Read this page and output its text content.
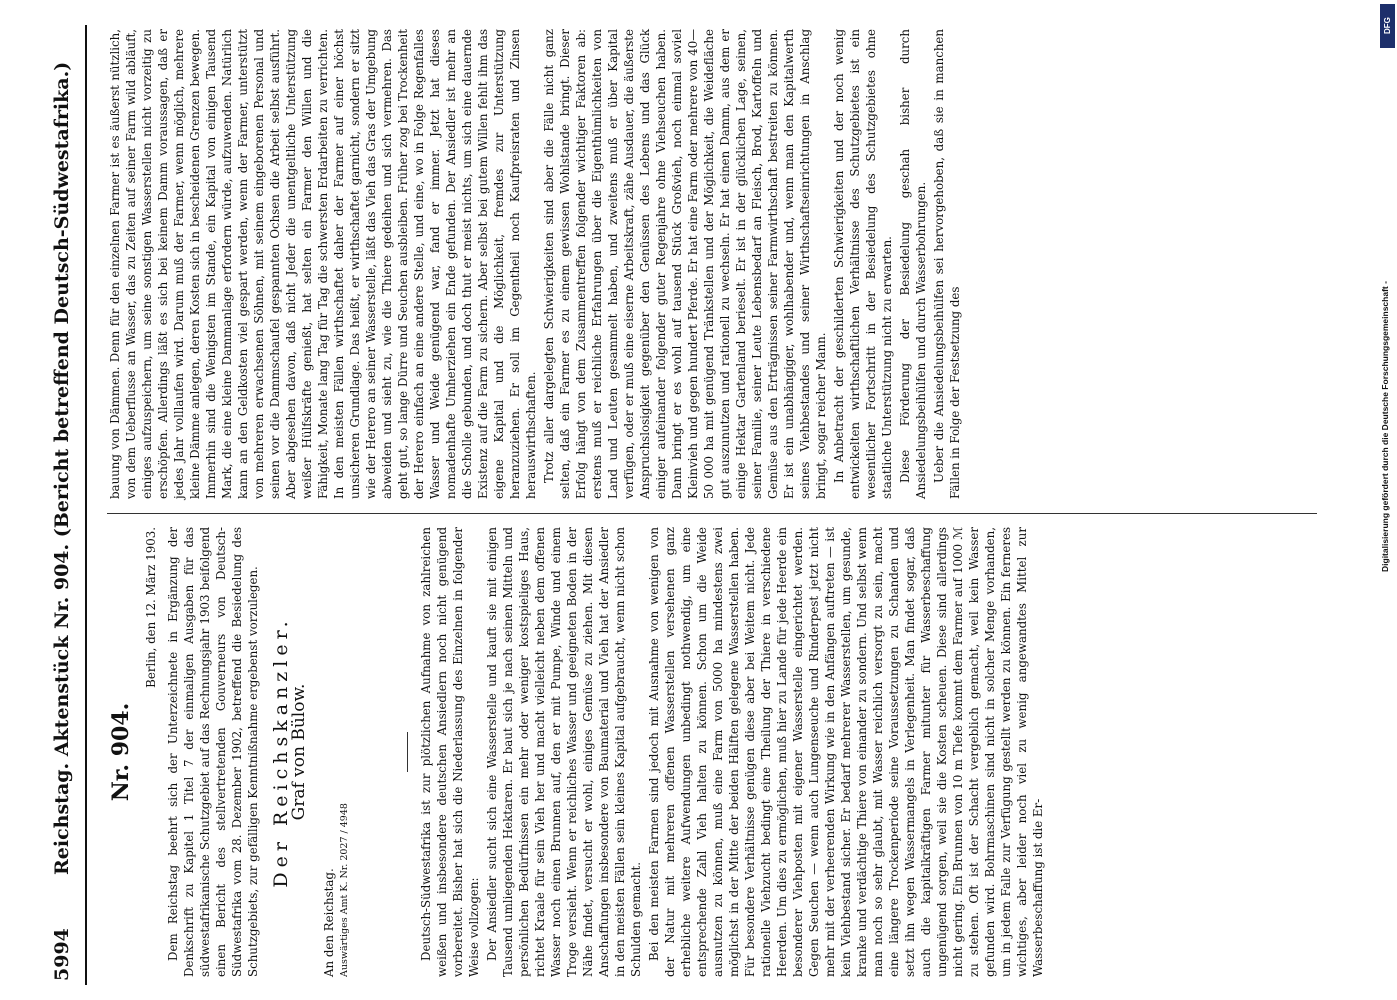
5994
Reichstag. Aktenstück Nr. 904. (Bericht betreffend Deutsch-Südwestafrika.) Nr. 904.

Berlin, den 12. März 1903. Dem Reichstag beehrt sich der Unterzeichnete in Ergänzung der Denkschrift zu Kapitel 1 Titel 7 der einmaligen Ausgaben für das südwestafrikanische Schutzgebiet auf das Rechnungsjahr 1903 beifolgend einen Bericht des stellvertretenden Gouverneurs von Deutsch-Südwestafrika vom 28. Dezember 1902, betreffend die Besiedelung des Schutzgebiets, zur gefälligen Kenntnißnahme ergebenst vorzulegen. Der Reichskanzler.

Graf von Bülow.

An den Reichstag. Auswärtiges Amt K. Nr. 2027 / 4948	Deutsch-Südwestafrika ist zur plötzlichen Aufnahme von zahlreichen weißen und insbesondere deutschen Ansiedlern noch nicht genügend vorbereitet. Bisher hat sich die Niederlassung des Einzelnen in folgender Weise vollzogen: Der Ansiedler sucht sich eine Wasserstelle und kauft sie mit einigen Tausend umliegenden Hektaren. Er baut sich je nach seinen Mitteln und persönlichen Bedürfnissen ein mehr oder weniger kostspieliges Haus, richtet Kraale für sein Vieh her und macht vielleicht neben dem offenen Wasser noch einen Brunnen auf, den er mit Pumpe, Winde und einem Troge versieht. Wenn er reichliches Wasser und geeigneten Boden in der Nähe findet, versucht er wohl, einiges Gemüse zu ziehen. Mit diesen Anschaffungen insbesondere von Baumaterial und Vieh hat der Ansiedler in den meisten Fällen sein kleines Kapital aufgebraucht, wenn nicht schon Schulden gemacht. Bei den meisten Farmen sind jedoch mit Ausnahme von wenigen von der Natur mit mehreren offenen Wasserstellen versehenen ganz erhebliche weitere Aufwendungen unbedingt nothwendig, um eine entsprechende Zahl Vieh halten zu können. Schon um die Weide ausnutzen zu können, muß eine Farm von 5000 ha mindestens zwei möglichst in der Mitte der beiden Hälften gelegene Wasserstellen haben. Für besondere Verhältnisse genügen diese aber bei Weitem nicht. Jede rationelle Viehzucht bedingt eine Theilung der Thiere in verschiedene Heerden. Um dies zu ermöglichen, muß hier zu Lande für jede Heerde ein besonderer Viehposten mit eigener Wasserstelle eingerichtet werden. Gegen Seuchen — wenn auch Lungenseuche und Rinderpest jetzt nicht mehr mit der verheerenden Wirkung wie in den Anfängen auftreten — ist kein Viehbestand sicher. Er bedarf mehrerer Wasserstellen, um gesunde, kranke und verdächtige Thiere von einander zu sondern. Und selbst wenn man noch so sehr glaubt, mit Wasser reichlich versorgt zu sein, macht eine längere Trockenperiode seine Voraussetzungen zu Schanden und setzt ihn wegen Wassermangels in Verlegenheit. Man findet sogar, daß auch die kapitalkräftigen Farmer mitunter für Wasserbeschaffung ungenügend sorgen, weil sie die Kosten scheuen. Diese sind allerdings nicht gering. Ein Brunnen von 10 m Tiefe kommt dem Farmer auf 1000 ℳ zu stehen. Oft ist der Schacht vergeblich gemacht, weil kein Wasser gefunden wird. Bohrmaschinen sind nicht in solcher Menge vorhanden, um in jedem Falle zur Verfügung gestellt werden zu können. Ein ferneres wichtiges, aber leider noch viel zu wenig angewandtes Mittel zur Wasserbeschaffung ist die Er-

bauung von Dämmen. Denn für den einzelnen Farmer ist es äußerst nützlich, von dem Ueberflusse an Wasser, das zu Zeiten auf seiner Farm wild abläuft, einiges aufzuspeichern, um seine sonstigen Wasserstellen nicht vorzeitig zu erschöpfen. Allerdings läßt es sich bei keinem Damm voraussagen, daß er jedes Jahr volllaufen wird. Darum muß der Farmer, wenn möglich, mehrere kleine Dämme anlegen, deren Kosten sich in bescheidenen Grenzen bewegen. Immerhin sind die Wenigsten im Stande, ein Kapital von einigen Tausend Mark, die eine kleine Dammanlage erfordern würde, aufzuwenden. Natürlich kann an den Geldkosten viel gespart werden, wenn der Farmer, unterstützt von mehreren erwachsenen Söhnen, mit seinem eingeborenen Personal und seinen vor die Dammschaufel gespannten Ochsen die Arbeit selbst ausführt. Aber abgesehen davon, daß nicht Jeder die unentgeltliche Unterstützung weißer Hülfskräfte genießt, hat selten ein Farmer den Willen und die Fähigkeit, Monate lang Tag für Tag die schwersten Erdarbeiten zu verrichten. In den meisten Fällen wirthschaftet daher der Farmer auf einer höchst unsicheren Grundlage. Das heißt, er wirthschaftet garnicht, sondern er sitzt wie der Herero an seiner Wasserstelle, läßt das Vieh das Gras der Umgebung abweiden und sieht zu, wie die Thiere gedeihen und sich vermehren. Das geht gut, so lange Dürre und Seuchen ausbleiben. Früher zog bei Trockenheit der Herero einfach an eine andere Stelle, und eine, wo in Folge Regenfalles Wasser und Weide genügend war, fand er immer. Jetzt hat dieses nomadenhafte Umherziehen ein Ende gefunden. Der Ansiedler ist mehr an die Scholle gebunden, und doch thut er meist nichts, um sich eine dauernde Existenz auf die Farm zu sichern. Aber selbst bei gutem Willen fehlt ihm das eigene Kapital und die Möglichkeit, fremdes zur Unterstützung heranzuziehen. Er soll im Gegentheil noch Kaufpreisraten und Zinsen herauswirthschaften. Trotz aller dargelegten Schwierigkeiten sind aber die Fälle nicht ganz selten, daß ein Farmer es zu einem gewissen Wohlstande bringt. Dieser Erfolg hängt von dem Zusammentreffen folgender wichtiger Faktoren ab: erstens muß er reichliche Erfahrungen über die Eigenthümlichkeiten von Land und Leuten gesammelt haben, und zweitens muß er über Kapital verfügen, oder er muß eine eiserne Arbeitskraft, zähe Ausdauer, die äußerste Anspruchslosigkeit gegenüber den Genüssen des Lebens und das Glück einiger aufeinander folgender guter Regenjahre ohne Viehseuchen haben. Dann bringt er es wohl auf tausend Stück Großvieh, noch einmal soviel Kleinvieh und gegen hundert Pferde. Er hat eine Farm oder mehrere von 40—50 000 ha mit genügend Tränkstellen und der Möglichkeit, die Weidefläche gut auszunutzen und rationell zu wechseln. Er hat einen Damm, aus dem er einige Hektar Gartenland berieselt. Er ist in der glücklichen Lage, seinen, seiner Familie, seiner Leute Lebensbedarf an Fleisch, Brod, Kartoffeln und Gemüse aus den Erträgnissen seiner Farmwirthschaft bestreiten zu können. Er ist ein unabhängiger, wohlhabender und, wenn man den Kapitalwerth seines Viehbestandes und seiner Wirthschaftseinrichtungen in Anschlag bringt, sogar reicher Mann. In Anbetracht der geschilderten Schwierigkeiten und der noch wenig entwickelten wirthschaftlichen Verhältnisse des Schutzgebietes ist ein wesentlicher Fortschritt in der Besiedelung des Schutzgebietes ohne staatliche Unterstützung nicht zu erwarten. Diese Förderung der Besiedelung geschah bisher durch Ansiedelungsbeihülfen und durch Wasserbohrungen. Ueber die Ansiedelungsbeihülfen sei hervorgehoben, daß sie in manchen Fällen in Folge der Festsetzung des

DFG
Digitalisierung gefördert durch die Deutsche Forschungsgemeinschaft -
